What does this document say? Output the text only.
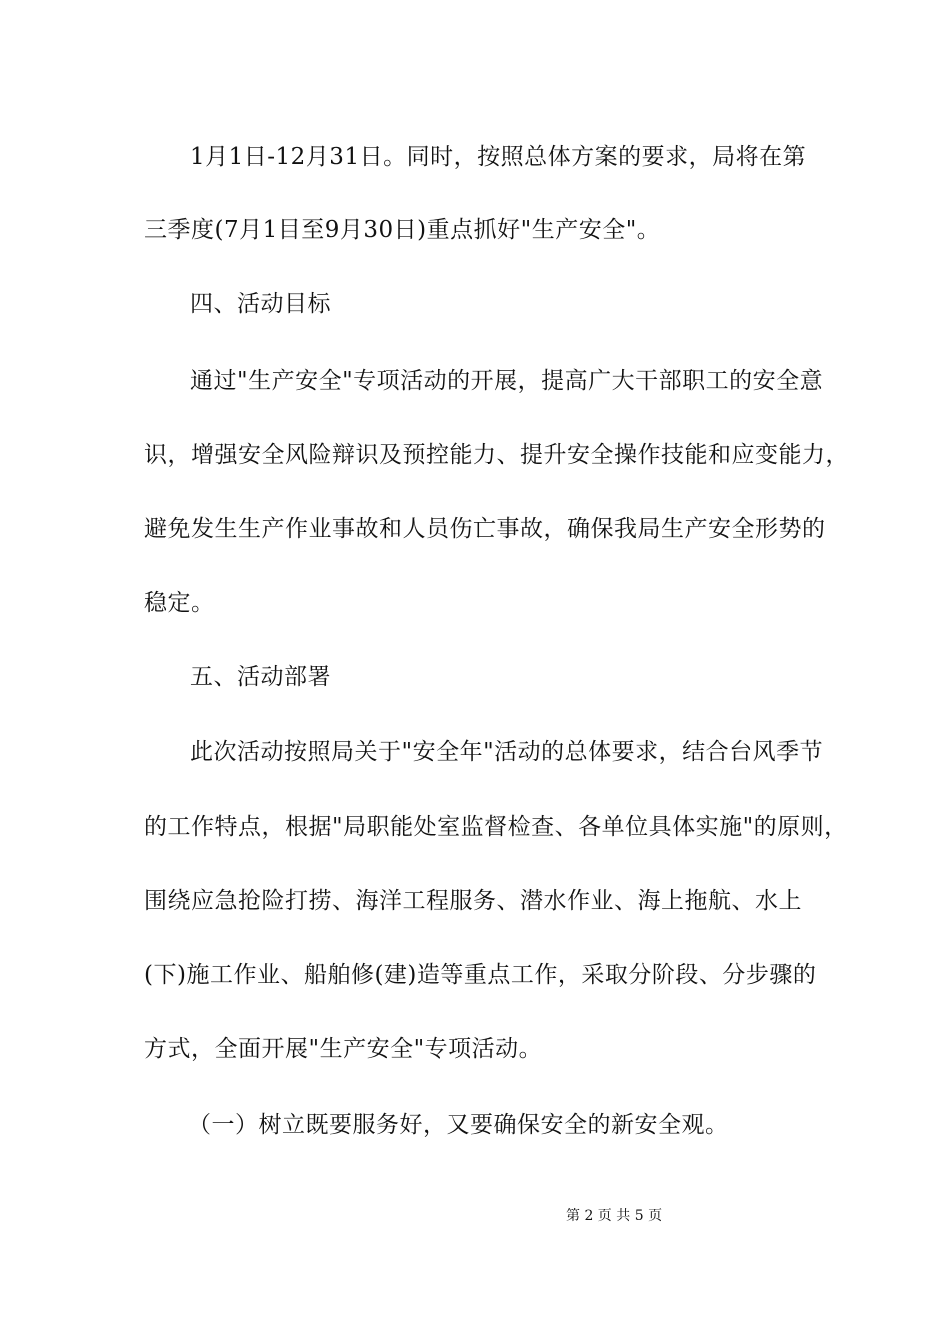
1月1日-12月31日。同时，按照总体方案的要求，局将在第
三季度(7月1目至9月30日)重点抓好"生产安全"。
四、活动目标
通过"生产安全"专项活动的开展，提高广大干部职工的安全意
识，增强安全风险辩识及预控能力、提升安全操作技能和应变能力，
避免发生生产作业事故和人员伤亡事故，确保我局生产安全形势的
稳定。
五、活动部署
此次活动按照局关于"安全年"活动的总体要求，结合台风季节
的工作特点，根据"局职能处室监督检查、各单位具体实施"的原则，
围绕应急抢险打捞、海洋工程服务、潜水作业、海上拖航、水上
(下)施工作业、船舶修(建)造等重点工作，采取分阶段、分步骤的
方式，全面开展"生产安全"专项活动。
（一）树立既要服务好，又要确保安全的新安全观。
第 2 页 共 5 页
